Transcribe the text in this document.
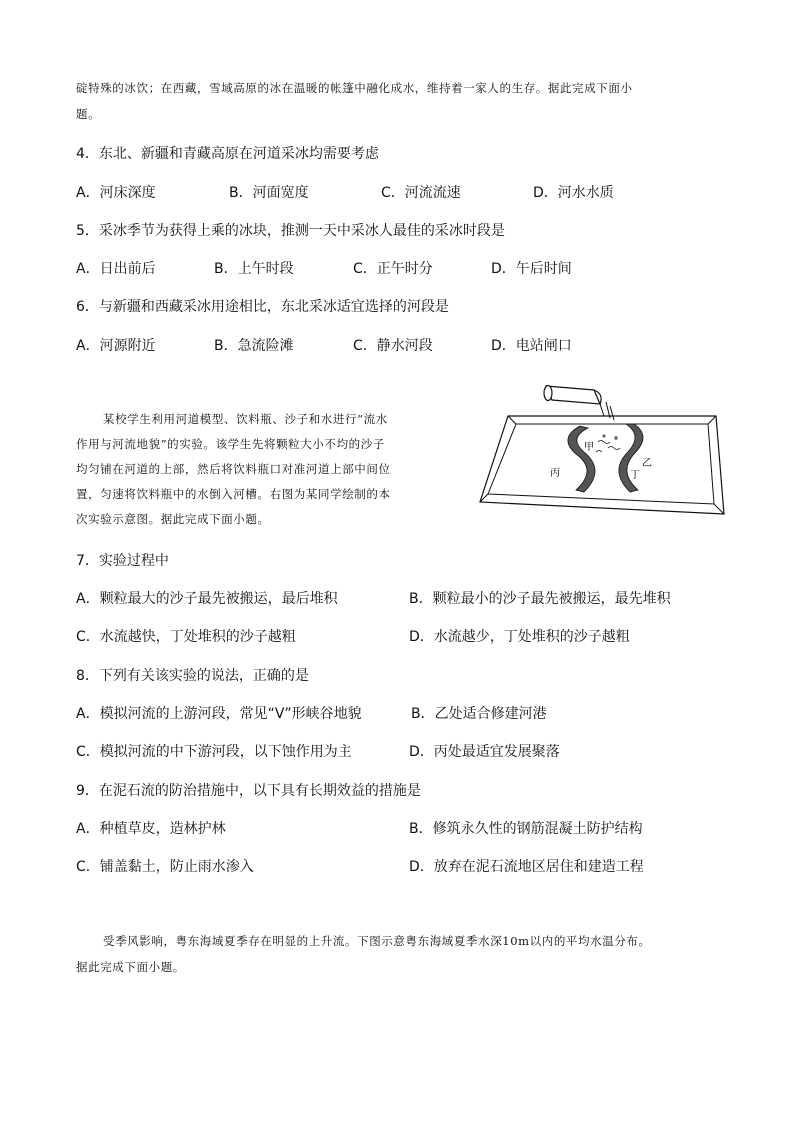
碇特殊的冰饮；在西藏，雪域高原的冰在温暖的帐篷中融化成水，维持着一家人的生存。据此完成下面小
题。
4．东北、新疆和青藏高原在河道采冰均需要考虑
A．河床深度	B．河面宽度	C．河流流速	D．河水水质
5．采冰季节为获得上乘的冰块，推测一天中采冰人最佳的采冰时段是
A．日出前后	B．上午时段	C．正午时分	D．午后时间
6．与新疆和西藏采冰用途相比，东北采冰适宜选择的河段是
A．河源附近	B．急流险滩	C．静水河段	D．电站闸口
某校学生利用河道模型、饮料瓶、沙子和水进行“流水
作用与河流地貌”的实验。该学生先将颗粒大小不均的沙子
均匀铺在河道的上部，然后将饮料瓶口对准河道上部中间位
置，匀速将饮料瓶中的水倒入河槽。右图为某同学绘制的本
次实验示意图。据此完成下面小题。
甲
乙
丙	丁
7．实验过程中
A．颗粒最大的沙子最先被搬运，最后堆积	B．颗粒最小的沙子最先被搬运，最先堆积
C．水流越快，丁处堆积的沙子越粗	D．水流越少，丁处堆积的沙子越粗
8．下列有关该实验的说法，正确的是
A．模拟河流的上游河段，常见“V”形峡谷地貌	B．乙处适合修建河港
C．模拟河流的中下游河段，以下蚀作用为主	D．丙处最适宜发展聚落
9．在泥石流的防治措施中，以下具有长期效益的措施是
A．种植草皮，造林护林	B．修筑永久性的钢筋混凝土防护结构
C．铺盖黏土，防止雨水渗入	D．放弃在泥石流地区居住和建造工程
受季风影响，粤东海域夏季存在明显的上升流。下图示意粤东海域夏季水深10m以内的平均水温分布。
据此完成下面小题。
